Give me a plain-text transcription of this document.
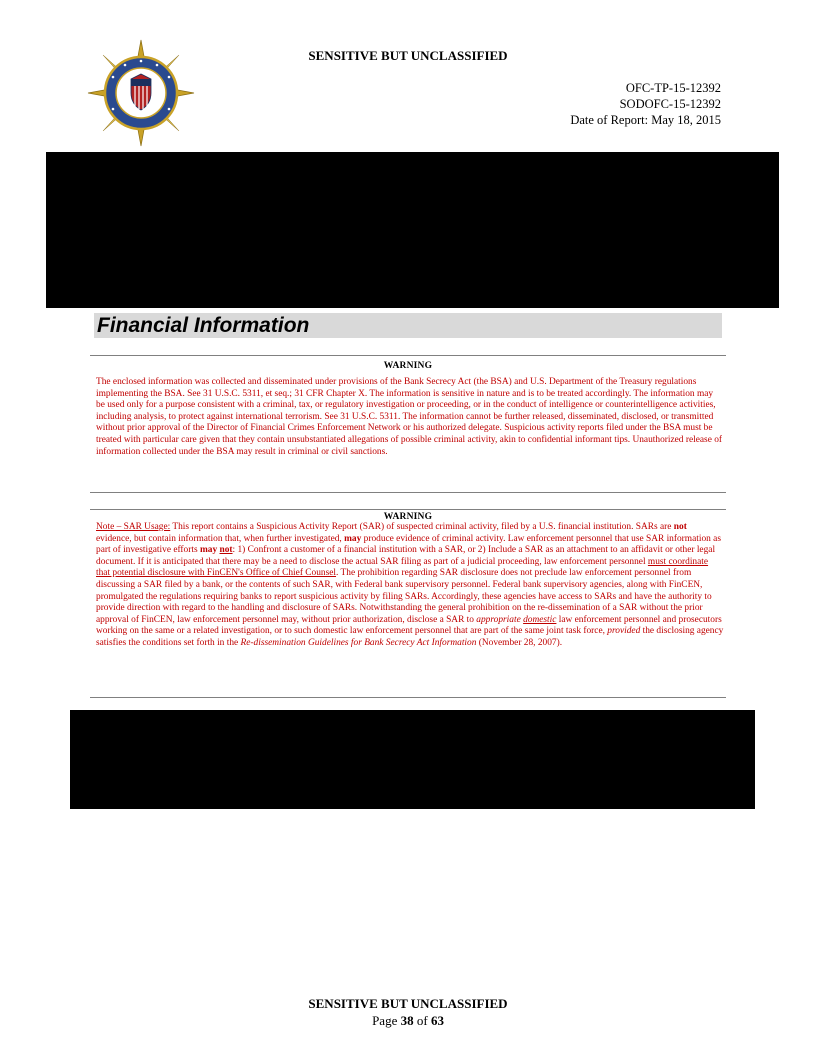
SENSITIVE BUT UNCLASSIFIED
OFC-TP-15-12392
SODOFC-15-12392
Date of Report: May 18, 2015
Financial Information
WARNING

The enclosed information was collected and disseminated under provisions of the Bank Secrecy Act (the BSA) and U.S. Department of the Treasury regulations implementing the BSA. See 31 U.S.C. 5311, et seq.; 31 CFR Chapter X. The information is sensitive in nature and is to be treated accordingly. The information may be used only for a purpose consistent with a criminal, tax, or regulatory investigation or proceeding, or in the conduct of intelligence or counterintelligence activities, including analysis, to protect against international terrorism. See 31 U.S.C. 5311. The information cannot be further released, disseminated, disclosed, or transmitted without prior approval of the Director of Financial Crimes Enforcement Network or his authorized delegate. Suspicious activity reports filed under the BSA must be treated with particular care given that they contain unsubstantiated allegations of possible criminal activity, akin to confidential informant tips. Unauthorized release of information collected under the BSA may result in criminal or civil sanctions.

WARNING

Note – SAR Usage: This report contains a Suspicious Activity Report (SAR) of suspected criminal activity, filed by a U.S. financial institution. SARs are not evidence, but contain information that, when further investigated, may produce evidence of criminal activity. Law enforcement personnel that use SAR information as part of investigative efforts may not: 1) Confront a customer of a financial institution with a SAR, or 2) Include a SAR as an attachment to an affidavit or other legal document. If it is anticipated that there may be a need to disclose the actual SAR filing as part of a judicial proceeding, law enforcement personnel must coordinate that potential disclosure with FinCEN's Office of Chief Counsel. The prohibition regarding SAR disclosure does not preclude law enforcement personnel from discussing a SAR filed by a bank, or the contents of such SAR, with Federal bank supervisory personnel. Federal bank supervisory agencies, along with FinCEN, promulgated the regulations requiring banks to report suspicious activity by filing SARs. Accordingly, these agencies have access to SARs and have the authority to provide direction with regard to the handling and disclosure of SARs. Notwithstanding the general prohibition on the re-dissemination of a SAR without the prior approval of FinCEN, law enforcement personnel may, without prior authorization, disclose a SAR to appropriate domestic law enforcement personnel and prosecutors working on the same or a related investigation, or to such domestic law enforcement personnel that are part of the same joint task force, provided the disclosing agency satisfies the conditions set forth in the Re-dissemination Guidelines for Bank Secrecy Act Information (November 28, 2007).

SENSITIVE BUT UNCLASSIFIED
Page 38 of 63
